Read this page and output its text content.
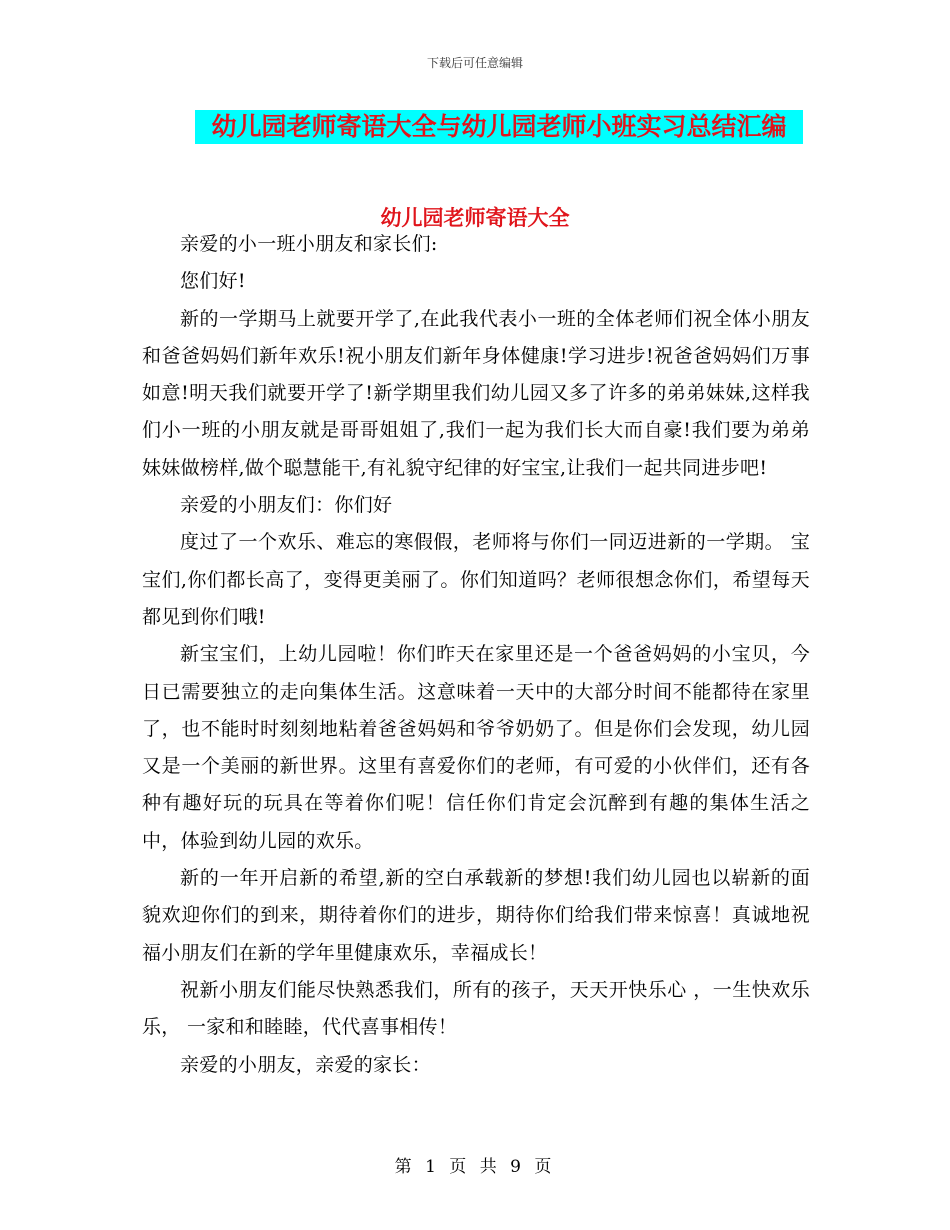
下载后可任意编辑
幼儿园老师寄语大全与幼儿园老师小班实习总结汇编
幼儿园老师寄语大全

亲爱的小一班小朋友和家长们:

您们好!

新的一学期马上就要开学了,在此我代表小一班的全体老师们祝全体小朋友和爸爸妈妈们新年欢乐!祝小朋友们新年身体健康!学习进步!祝爸爸妈妈们万事如意!明天我们就要开学了!新学期里我们幼儿园又多了许多的弟弟妹妹,这样我们小一班的小朋友就是哥哥姐姐了,我们一起为我们长大而自豪!我们要为弟弟妹妹做榜样,做个聪慧能干,有礼貌守纪律的好宝宝,让我们一起共同进步吧!

亲爱的小朋友们：你们好

度过了一个欢乐、难忘的寒假假，老师将与你们一同迈进新的一学期。 宝宝们,你们都长高了，变得更美丽了。你们知道吗？老师很想念你们，希望每天都见到你们哦!

新宝宝们，上幼儿园啦！你们昨天在家里还是一个爸爸妈妈的小宝贝，今日已需要独立的走向集体生活。这意味着一天中的大部分时间不能都待在家里了，也不能时时刻刻地粘着爸爸妈妈和爷爷奶奶了。但是你们会发现，幼儿园又是一个美丽的新世界。这里有喜爱你们的老师，有可爱的小伙伴们，还有各种有趣好玩的玩具在等着你们呢！信任你们肯定会沉醉到有趣的集体生活之中，体验到幼儿园的欢乐。

新的一年开启新的希望,新的空白承载新的梦想!我们幼儿园也以崭新的面貌欢迎你们的到来，期待着你们的进步，期待你们给我们带来惊喜！真诚地祝福小朋友们在新的学年里健康欢乐，幸福成长！

祝新小朋友们能尽快熟悉我们，所有的孩子，天天开快乐心 ，一生快欢乐乐， 一家和和睦睦，代代喜事相传！

亲爱的小朋友，亲爱的家长：

第 1 页 共 9 页
